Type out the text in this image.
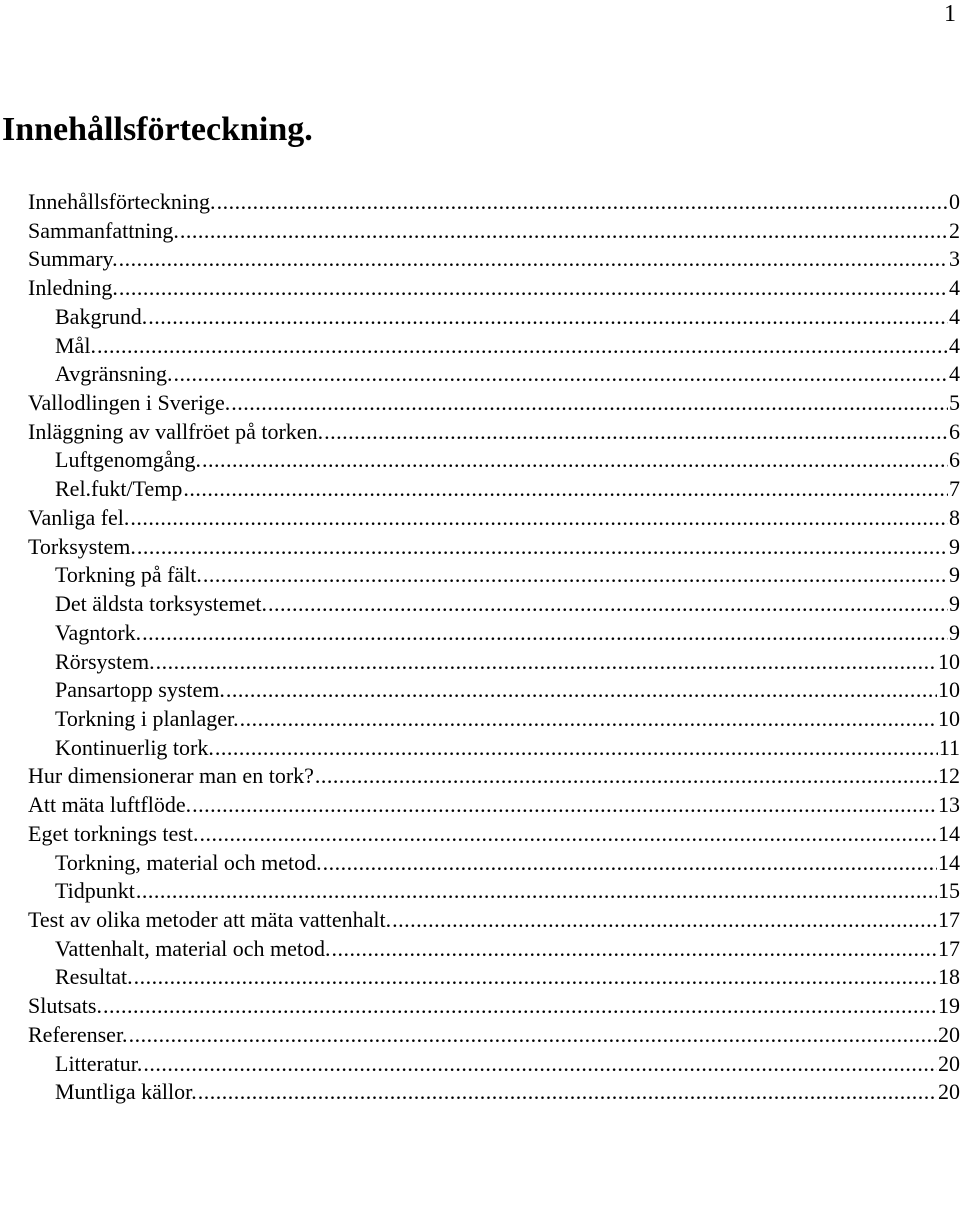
1
Innehållsförteckning.
Innehållsförteckning. .....	0
Sammanfattning. .....	2
Summary. .....	3
Inledning. .....	4
Bakgrund. .....	4
Mål. .....	4
Avgränsning. .....	4
Vallodlingen i Sverige. .....	5
Inläggning av vallfröet på torken. .....	6
Luftgenomgång. .....	6
Rel.fukt/Temp .....	7
Vanliga fel. .....	8
Torksystem. .....	9
Torkning på fält. .....	9
Det äldsta torksystemet. .....	9
Vagntork. .....	9
Rörsystem. .....	10
Pansartopp system. .....	10
Torkning i planlager. .....	10
Kontinuerlig tork. .....	11
Hur dimensionerar man en tork? .....	12
Att mäta luftflöde. .....	13
Eget torknings test. .....	14
Torkning, material och metod. .....	14
Tidpunkt .....	15
Test av olika metoder att mäta vattenhalt. .....	17
Vattenhalt, material och metod. .....	17
Resultat. .....	18
Slutsats. .....	19
Referenser. .....	20
Litteratur. .....	20
Muntliga källor. .....	20
